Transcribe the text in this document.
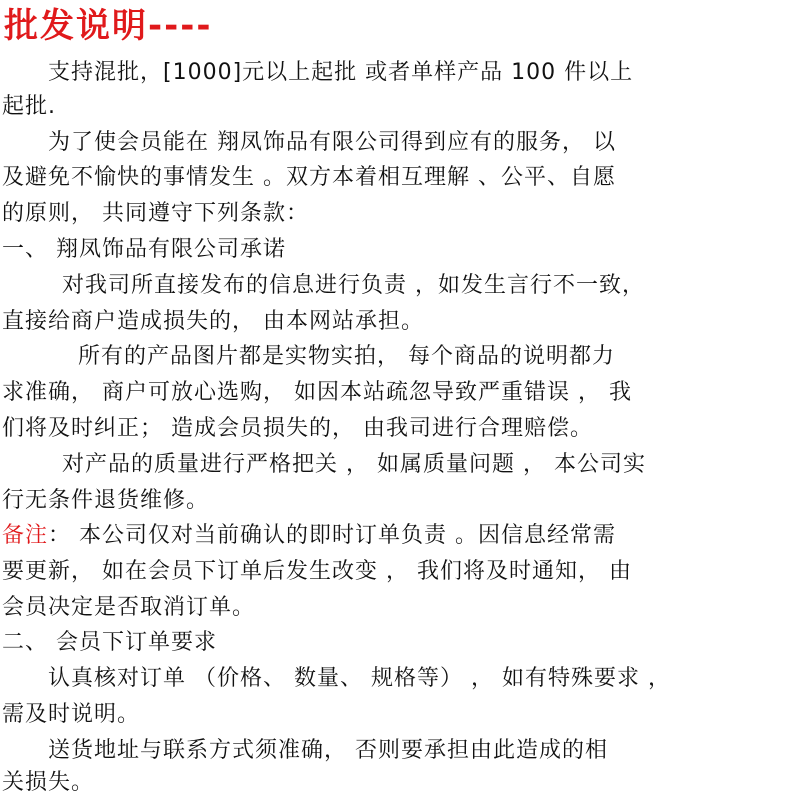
批发说明----
支持混批，[1000]元以上起批 或者单样产品 100 件以上
起批.
为了使会员能在 翔凤饰品有限公司得到应有的服务， 以
及避免不愉快的事情发生 。双方本着相互理解 、公平、自愿
的原则， 共同遵守下列条款：
一、 翔凤饰品有限公司承诺
对我司所直接发布的信息进行负责 ，如发生言行不一致，
直接给商户造成损失的， 由本网站承担。
所有的产品图片都是实物实拍， 每个商品的说明都力
求准确， 商户可放心选购， 如因本站疏忽导致严重错误 ， 我
们将及时纠正； 造成会员损失的， 由我司进行合理赔偿。
对产品的质量进行严格把关 ， 如属质量问题 ， 本公司实
行无条件退货维修。
备注： 本公司仅对当前确认的即时订单负责 。因信息经常需
要更新， 如在会员下订单后发生改变 ， 我们将及时通知， 由
会员决定是否取消订单。
二、 会员下订单要求
认真核对订单 （价格、 数量、 规格等） ， 如有特殊要求 ，
需及时说明。
送货地址与联系方式须准确， 否则要承担由此造成的相
关损失。
